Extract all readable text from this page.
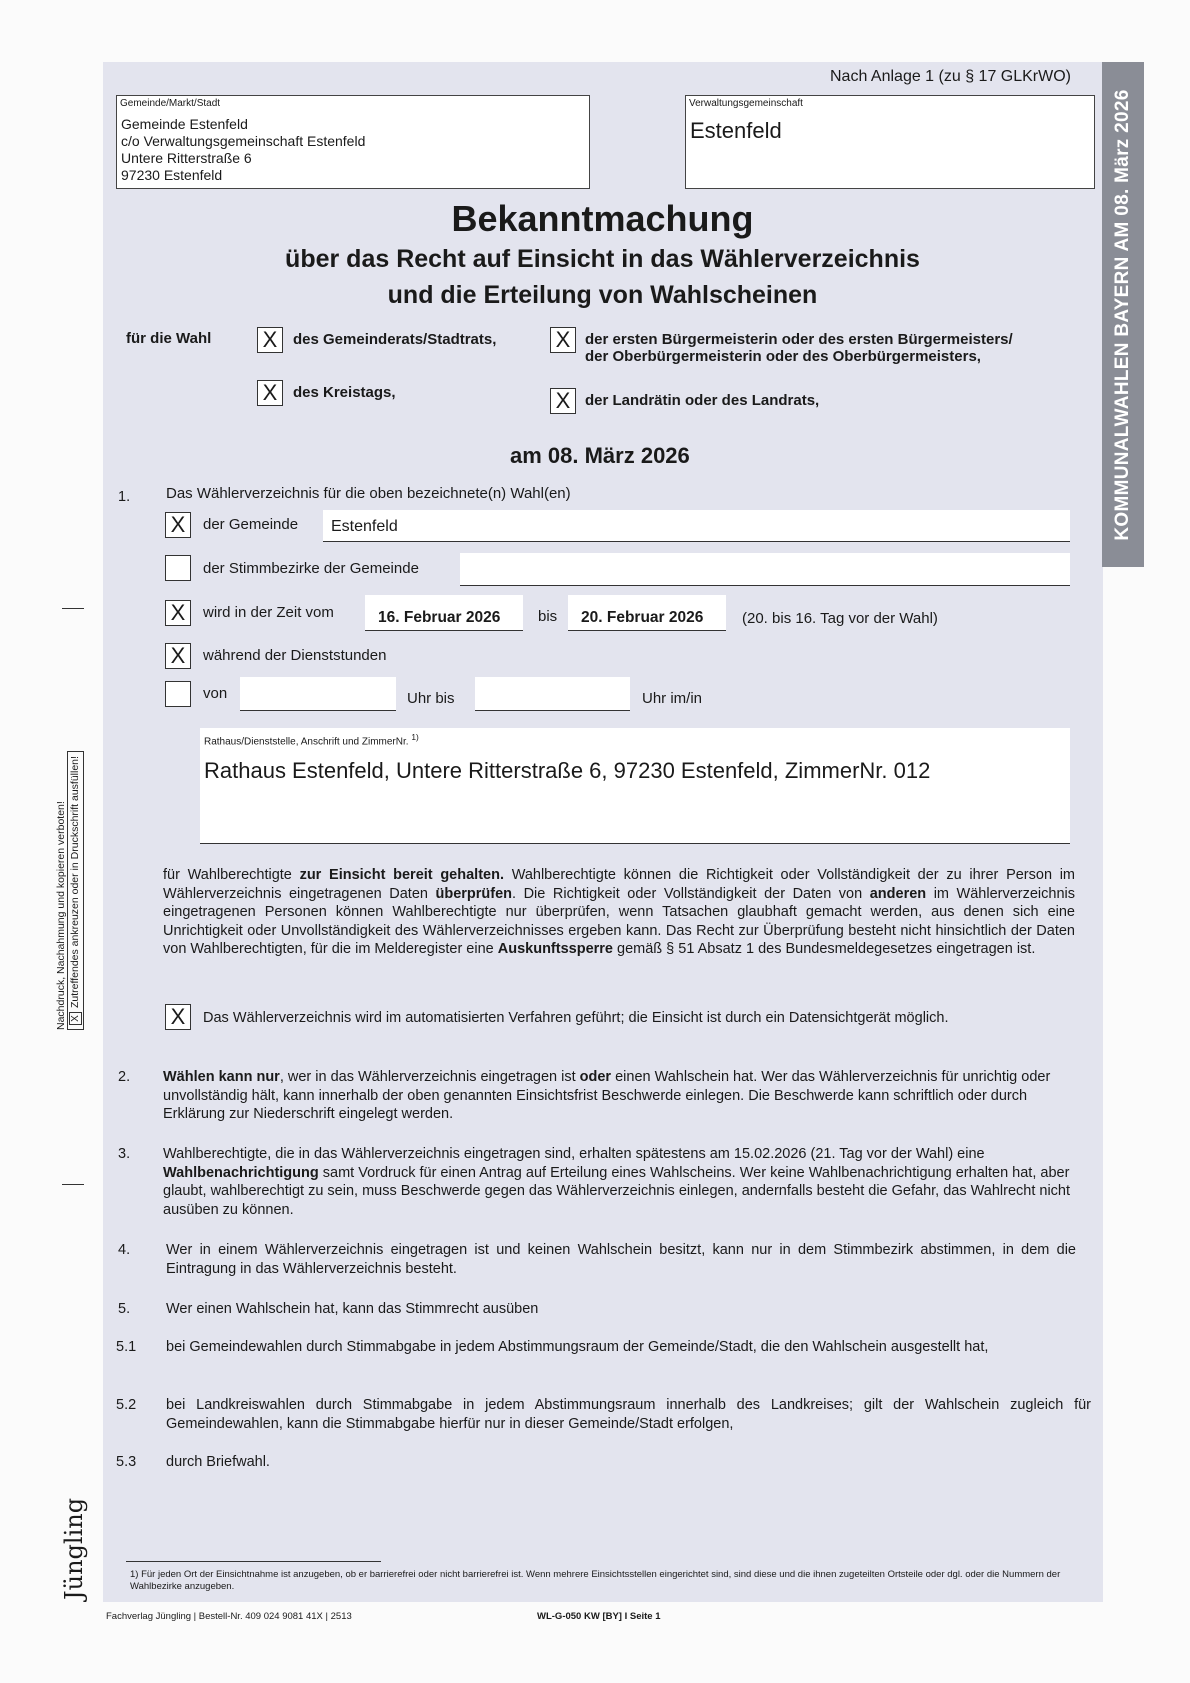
KOMMUNALWAHLEN BAYERN AM 08. März 2026
Nach Anlage 1 (zu § 17 GLKrWO)
Gemeinde/Markt/Stadt
Gemeinde Estenfeld
c/o Verwaltungsgemeinschaft Estenfeld
Untere Ritterstraße 6
97230 Estenfeld
Verwaltungsgemeinschaft
Estenfeld
Bekanntmachung
über das Recht auf Einsicht in das Wählerverzeichnis
und die Erteilung von Wahlscheinen
für die Wahl X	des Gemeinderats/Stadtrats,	X der ersten Bürgermeisterin oder des ersten Bürgermeisters/
der Oberbürgermeisterin oder des Oberbürgermeisters,
X	des Kreistags,	X der Landrätin oder des Landrats,
am 08. März 2026
1. Das Wählerverzeichnis für die oben bezeichnete(n) Wahl(en)
X	der Gemeinde Estenfeld
der Stimmbezirke der Gemeinde
X	wird in der Zeit vom	16. Februar 2026	bis 20. Februar 2026	(20. bis 16. Tag vor der Wahl)
X	während der Dienststunden
von	Uhr bis	Uhr im/in
Rathaus/Dienststelle, Anschrift und ZimmerNr. $^{1)}$
Rathaus Estenfeld, Untere Ritterstraße 6, 97230 Estenfeld, ZimmerNr. 012
für Wahlberechtigte zur Einsicht bereit gehalten. Wahlberechtigte können die Richtigkeit oder Vollständigkeit der zu ihrer Person im Wählerverzeichnis eingetragenen Daten überprüfen. Die Richtigkeit oder Vollständigkeit der Daten von anderen im Wählerverzeichnis eingetragenen Personen können Wahlberechtigte nur überprüfen, wenn Tatsachen glaubhaft gemacht werden, aus denen sich eine Unrichtigkeit oder Unvollständigkeit des Wählerverzeichnisses ergeben kann. Das Recht zur Überprüfung besteht nicht hinsichtlich der Daten von Wahlberechtigten, für die im Melderegister eine Auskunftssperre gemäß § 51 Absatz 1 des Bundesmeldegesetzes eingetragen ist.
X	Das Wählerverzeichnis wird im automatisierten Verfahren geführt; die Einsicht ist durch ein Datensichtgerät möglich.
2. Wählen kann nur, wer in das Wählerverzeichnis eingetragen ist oder einen Wahlschein hat. Wer das Wählerverzeichnis für unrichtig oder unvollständig hält, kann innerhalb der oben genannten Einsichtsfrist Beschwerde einlegen. Die Beschwerde kann schriftlich oder durch Erklärung zur Niederschrift eingelegt werden.
3. Wahlberechtigte, die in das Wählerverzeichnis eingetragen sind, erhalten spätestens am 15.02.2026 (21. Tag vor der Wahl) eine Wahlbenachrichtigung samt Vordruck für einen Antrag auf Erteilung eines Wahlscheins. Wer keine Wahlbenachrichtigung erhalten hat, aber glaubt, wahlberechtigt zu sein, muss Beschwerde gegen das Wählerverzeichnis einlegen, andernfalls besteht die Gefahr, das Wahlrecht nicht ausüben zu können.
4. Wer in einem Wählerverzeichnis eingetragen ist und keinen Wahlschein besitzt, kann nur in dem Stimmbezirk abstimmen, in dem die Eintragung in das Wählerverzeichnis besteht.
5. Wer einen Wahlschein hat, kann das Stimmrecht ausüben
5.1 bei Gemeindewahlen durch Stimmabgabe in jedem Abstimmungsraum der Gemeinde/Stadt, die den Wahlschein ausgestellt hat,
5.2 bei Landkreiswahlen durch Stimmabgabe in jedem Abstimmungsraum innerhalb des Landkreises; gilt der Wahlschein zugleich für Gemeindewahlen, kann die Stimmabgabe hierfür nur in dieser Gemeinde/Stadt erfolgen,
5.3 durch Briefwahl.
1) Für jeden Ort der Einsichtnahme ist anzugeben, ob er barrierefrei oder nicht barrierefrei ist. Wenn mehrere Einsichtsstellen eingerichtet sind, sind diese und die ihnen zugeteilten Ortsteile oder dgl. oder die Nummern der Wahlbezirke anzugeben.
Fachverlag Jüngling | Bestell-Nr. 409 024 9081 41X | 2513	WL-G-050 KW [BY] I Seite 1
Nachdruck, Nachahmung und kopieren verboten! XZutreffendes ankreuzen oder in Druckschrift ausfüllen!
Jüngling
